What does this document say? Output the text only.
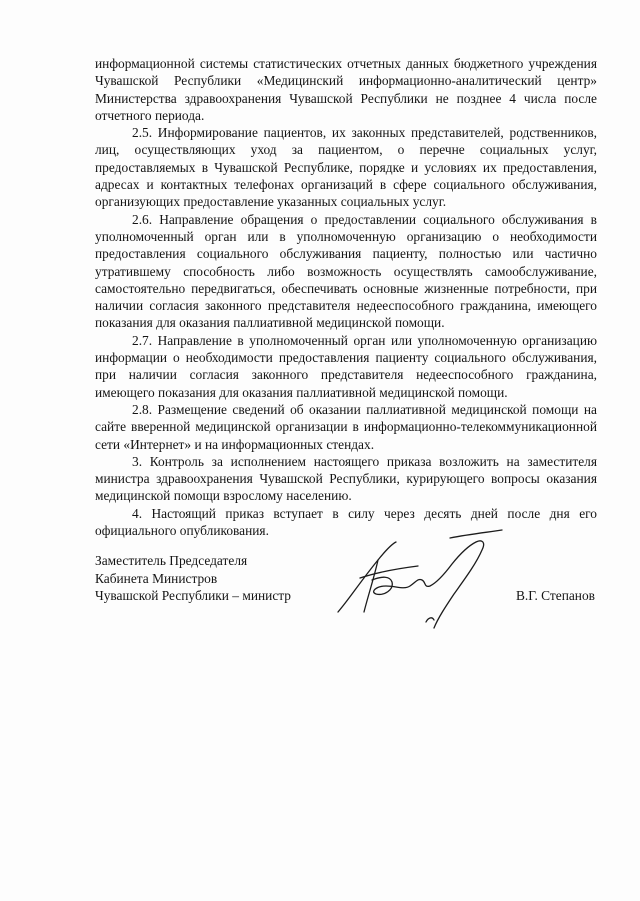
информационной системы статистических отчетных данных бюджетного учреждения Чувашской Республики «Медицинский информационно-аналитический центр» Министерства здравоохранения Чувашской Республики не позднее 4 числа после отчетного периода.

2.5. Информирование пациентов, их законных представителей, родственников, лиц, осуществляющих уход за пациентом, о перечне социальных услуг, предоставляемых в Чувашской Республике, порядке и условиях их предоставления, адресах и контактных телефонах организаций в сфере социального обслуживания, организующих предоставление указанных социальных услуг.

2.6. Направление обращения о предоставлении социального обслуживания в уполномоченный орган или в уполномоченную организацию о необходимости предоставления социального обслуживания пациенту, полностью или частично утратившему способность либо возможность осуществлять самообслуживание, самостоятельно передвигаться, обеспечивать основные жизненные потребности, при наличии согласия законного представителя недееспособного гражданина, имеющего показания для оказания паллиативной медицинской помощи.

2.7. Направление в уполномоченный орган или уполномоченную организацию информации о необходимости предоставления пациенту социального обслуживания, при наличии согласия законного представителя недееспособного гражданина, имеющего показания для оказания паллиативной медицинской помощи.

2.8. Размещение сведений об оказании паллиативной медицинской помощи на сайте вверенной медицинской организации в информационно-телекоммуникационной сети «Интернет» и на информационных стендах.

3. Контроль за исполнением настоящего приказа возложить на заместителя министра здравоохранения Чувашской Республики, курирующего вопросы оказания медицинской помощи взрослому населению.

4. Настоящий приказ вступает в силу через десять дней после дня его официального опубликования.

Заместитель Председателя
Кабинета Министров
Чувашской Республики – министр	В.Г. Степанов
